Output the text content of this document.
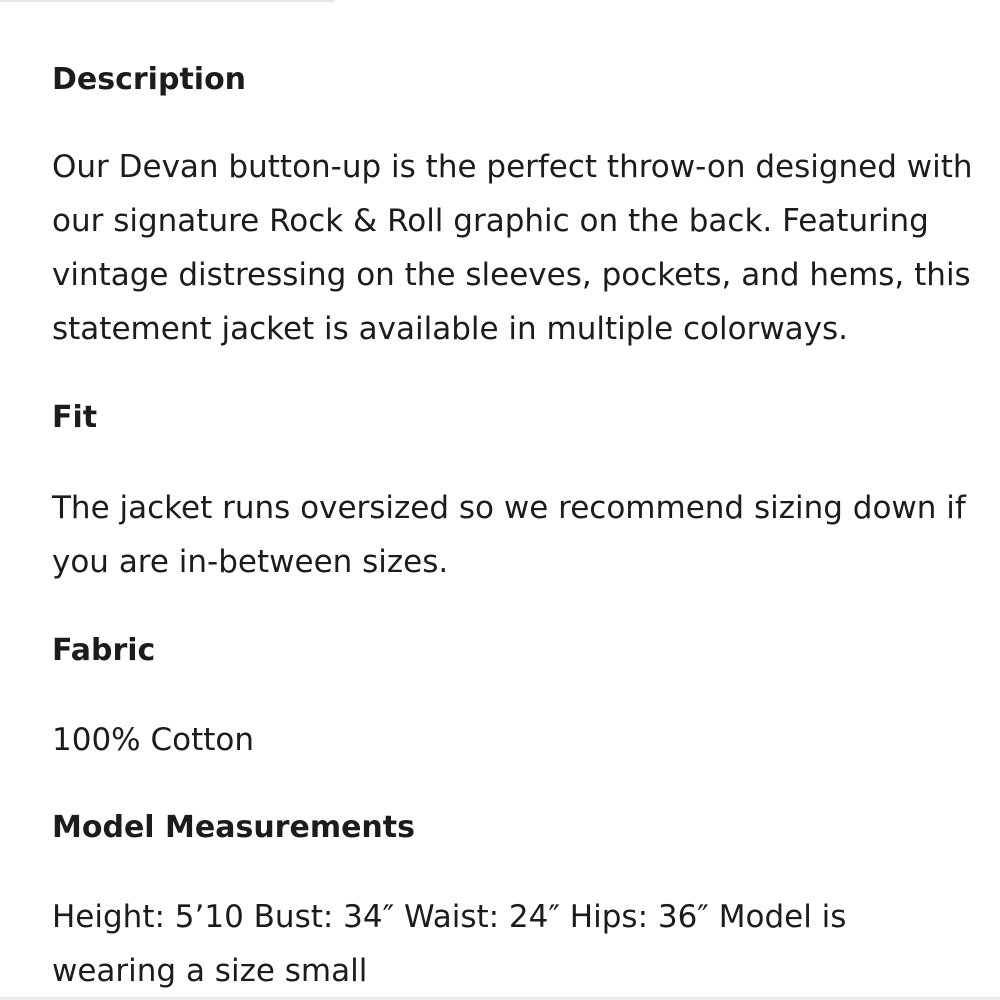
Description

Our Devan button-up is the perfect throw-on designed with
our signature Rock & Roll graphic on the back. Featuring
vintage distressing on the sleeves, pockets, and hems, this
statement jacket is available in multiple colorways.

Fit

The jacket runs oversized so we recommend sizing down if
you are in-between sizes.

Fabric

100% Cotton

Model Measurements

Height: 5’10 Bust: 34″ Waist: 24″ Hips: 36″ Model is
wearing a size small
